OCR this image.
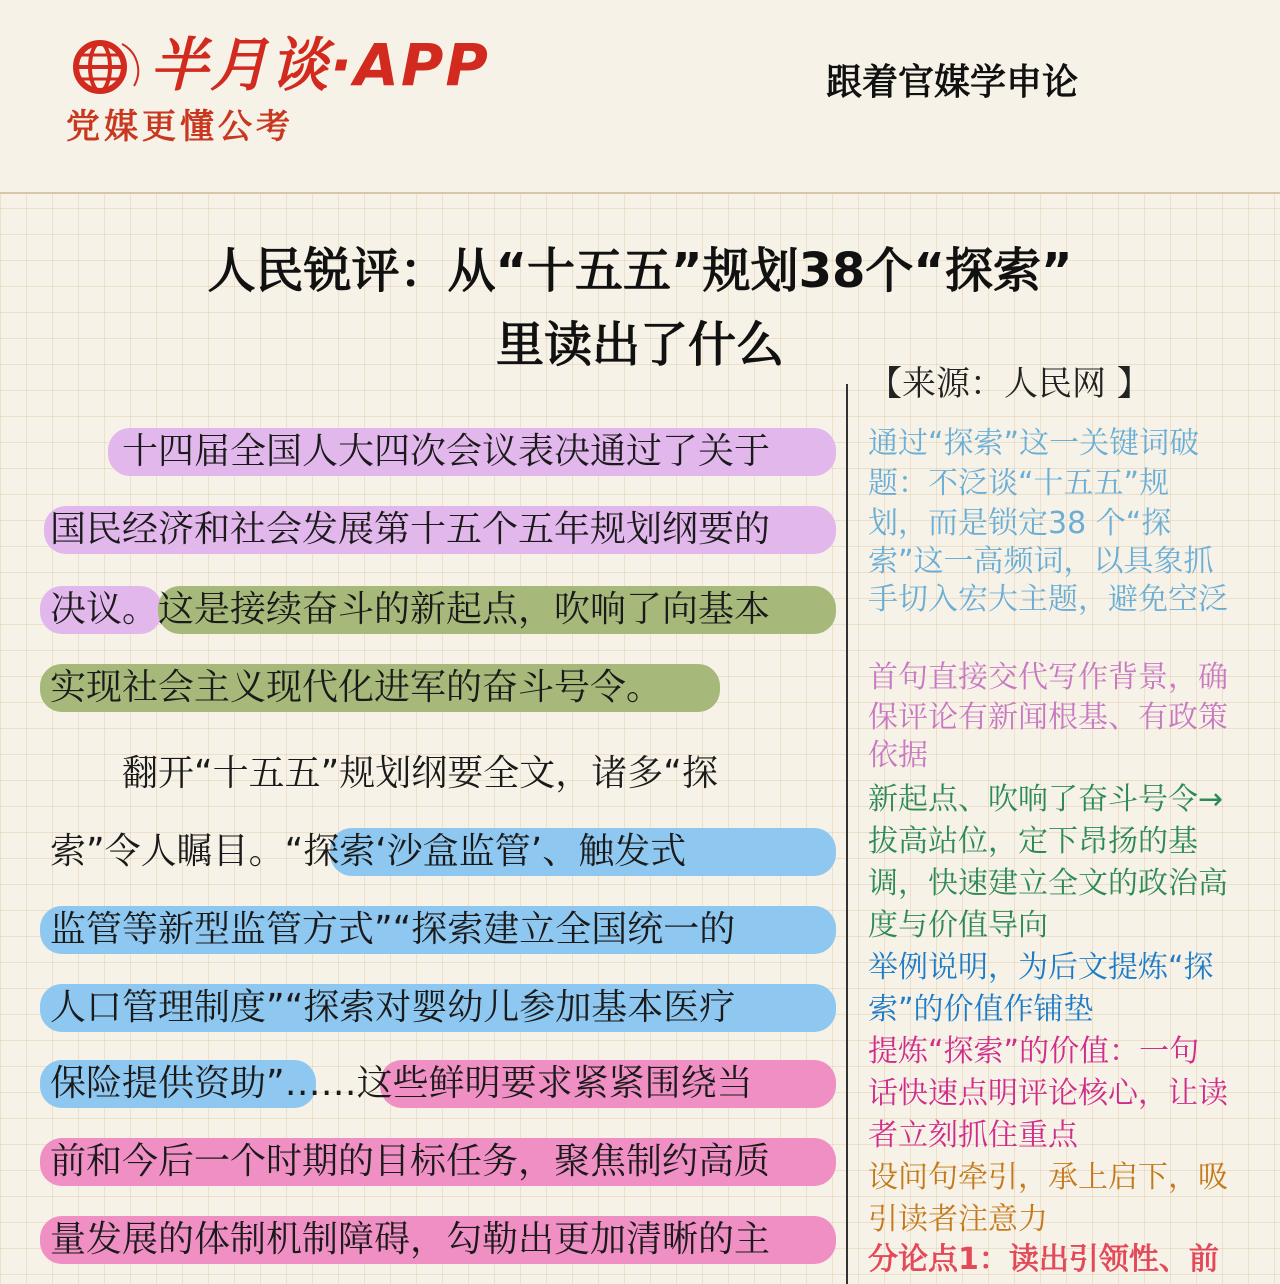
半月谈·APP
党媒更懂公考
跟着官媒学申论
人民锐评：从“十五五”规划38个“探索”
里读出了什么
　　十四届全国人大四次会议表决通过了关于
国民经济和社会发展第十五个五年规划纲要的
决议。这是接续奋斗的新起点，吹响了向基本
实现社会主义现代化进军的奋斗号令。
　　翻开“十五五”规划纲要全文，诸多“探
索”令人瞩目。“探索‘沙盒监管’、触发式
监管等新型监管方式”“探索建立全国统一的
人口管理制度”“探索对婴幼儿参加基本医疗
保险提供资助”……这些鲜明要求紧紧围绕当
前和今后一个时期的目标任务，聚焦制约高质
量发展的体制机制障碍，勾勒出更加清晰的主
【来源：人民网 】
通过“探索”这一关键词破
题：不泛谈“十五五”规
划，而是锁定38 个“探
索”这一高频词，以具象抓
手切入宏大主题，避免空泛
首句直接交代写作背景，确
保评论有新闻根基、有政策
依据
新起点、吹响了奋斗号令→
拔高站位，定下昂扬的基
调，快速建立全文的政治高
度与价值导向
举例说明，为后文提炼“探
索”的价值作铺垫
提炼“探索”的价值：一句
话快速点明评论核心，让读
者立刻抓住重点
设问句牵引，承上启下，吸
引读者注意力
分论点1：读出引领性、前
